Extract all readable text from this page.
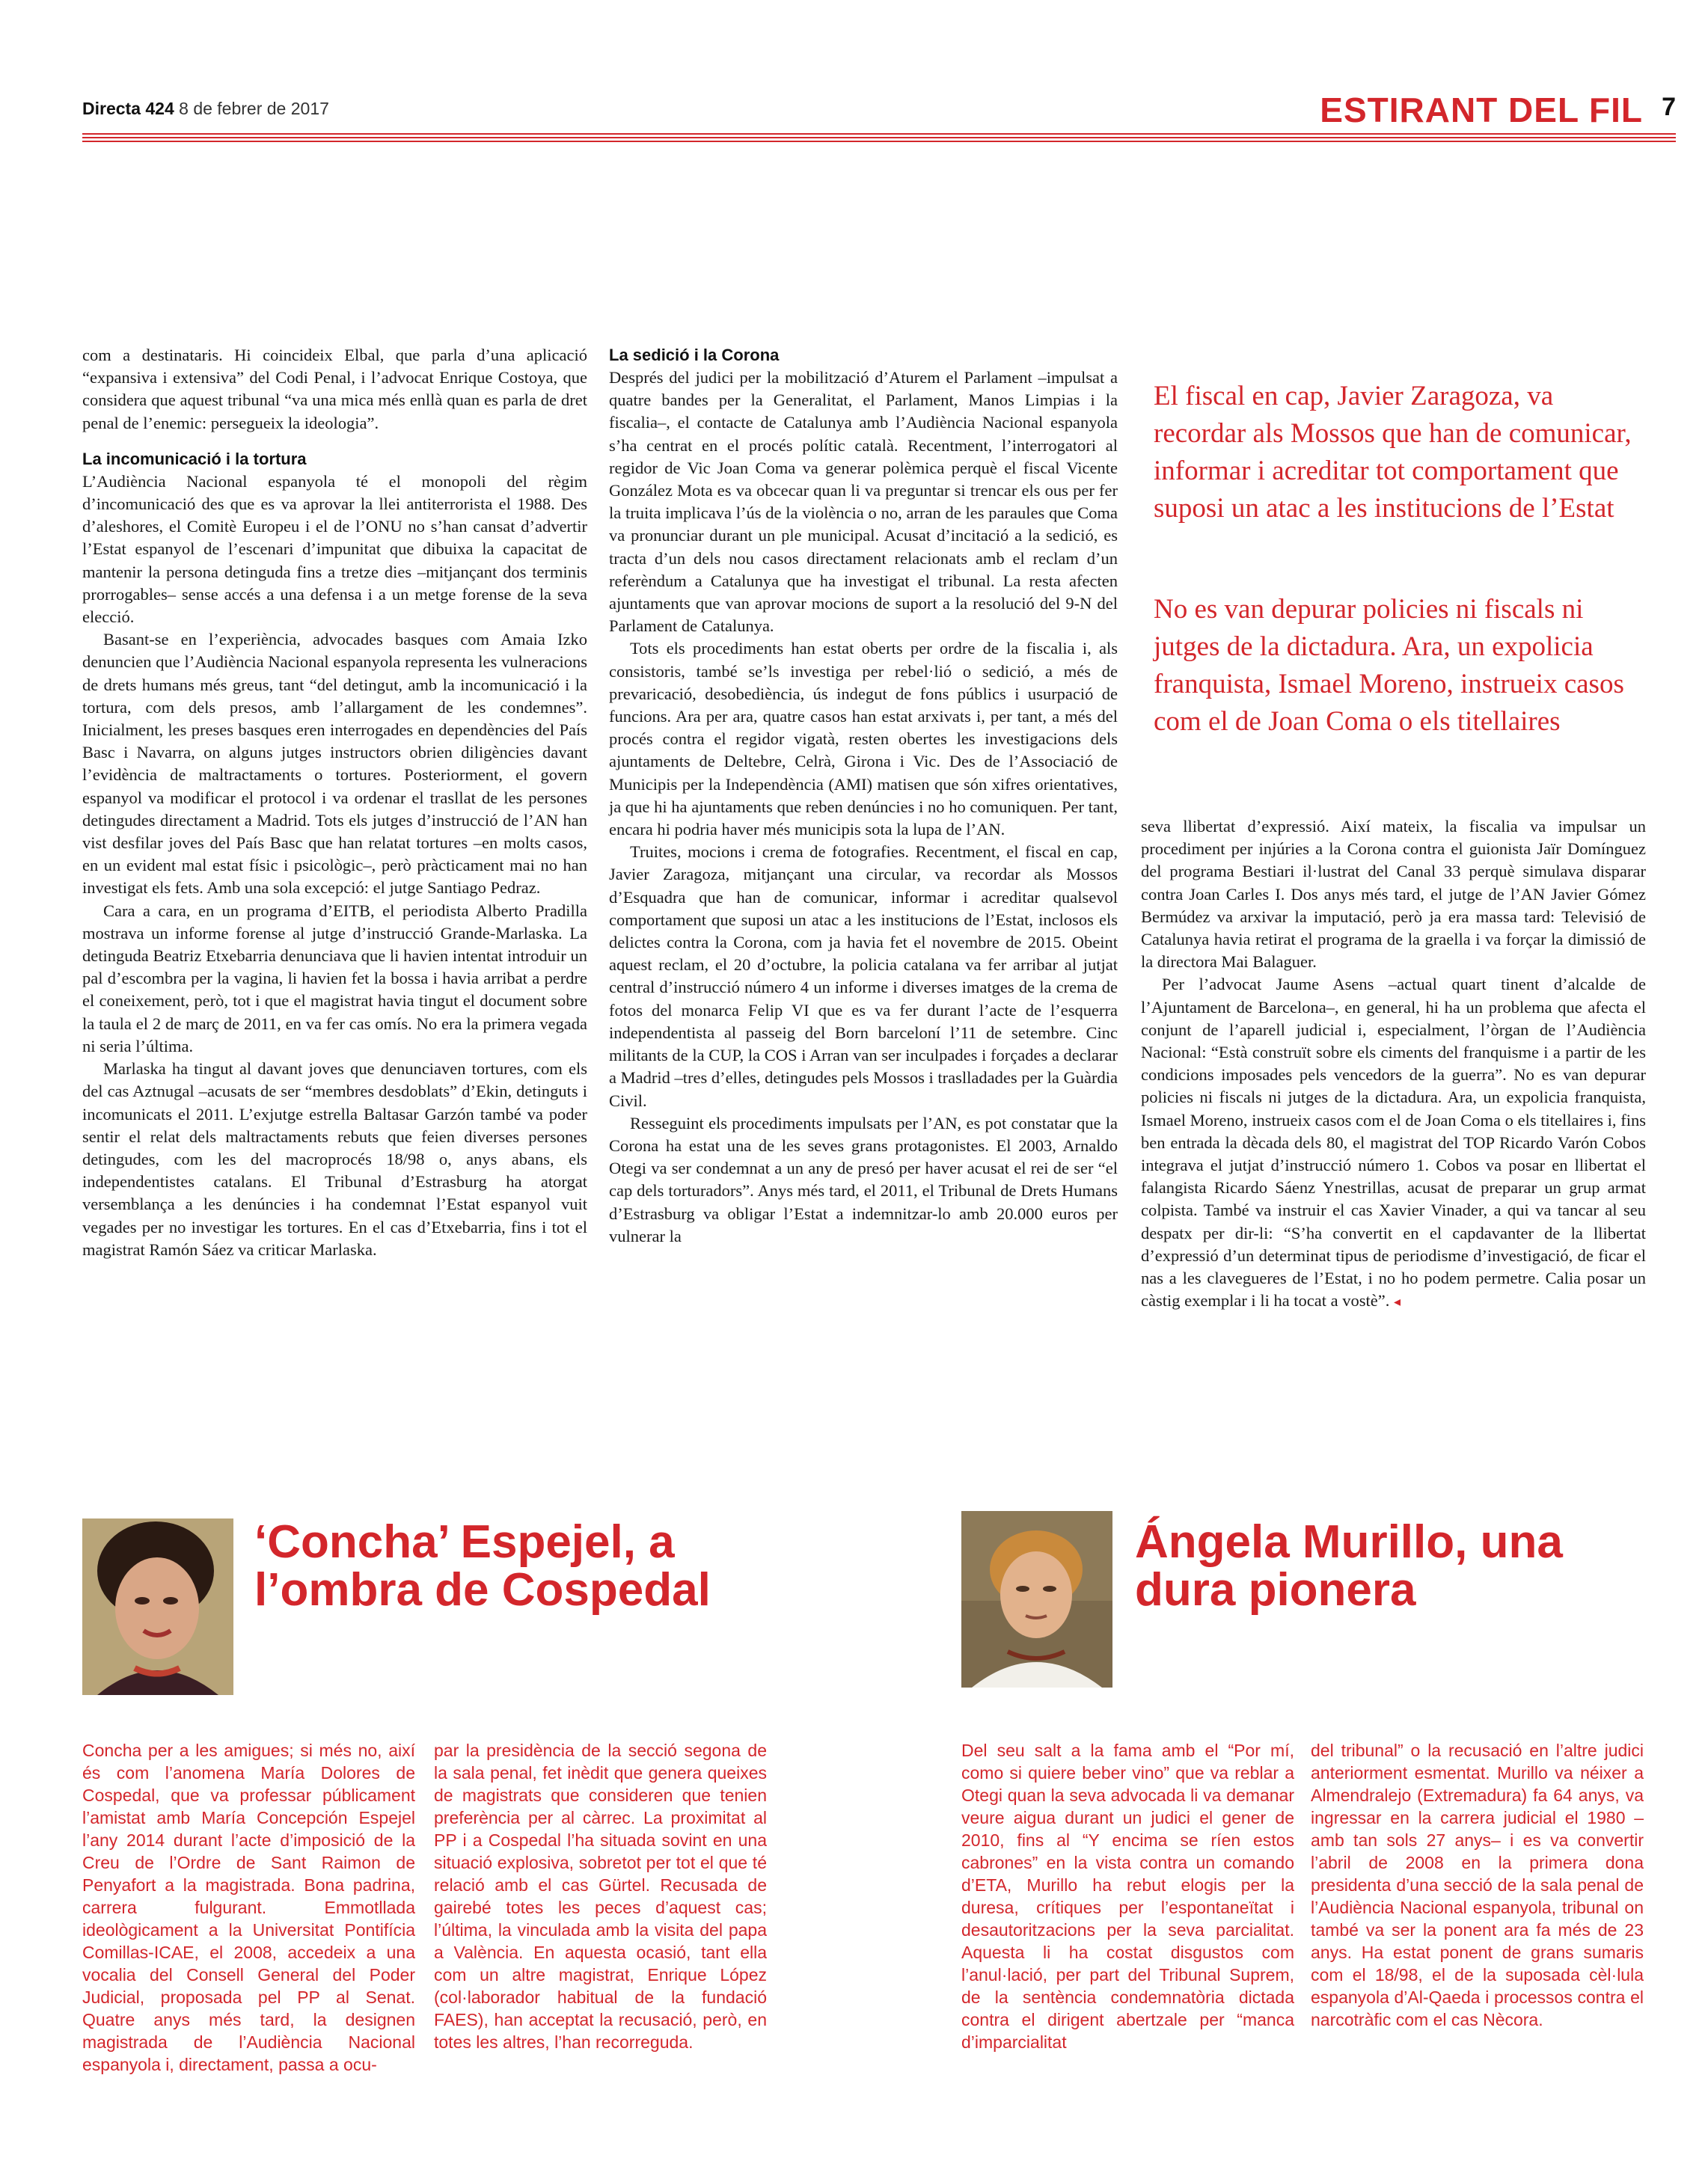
Directa 424 8 de febrer de 2017	ESTIRANT DEL FIL 7

com a destinataris. Hi coincideix Elbal, que parla d’una aplicació “expansiva i extensiva” del Codi Penal, i l’advocat Enrique Costoya, que considera que aquest tribunal “va una mica més enllà quan es parla de dret penal de l’enemic: persegueix la ideologia”.

La incomunicació i la tortura

L’Audiència Nacional espanyola té el monopoli del règim d’incomunicació des que es va aprovar la llei antiterrorista el 1988. Des d’aleshores, el Comitè Europeu i el de l’ONU no s’han cansat d’advertir l’Estat espanyol de l’escenari d’impunitat que dibuixa la capacitat de mantenir la persona detinguda fins a tretze dies –mitjançant dos terminis prorrogables– sense accés a una defensa i a un metge forense de la seva elecció.

Basant-se en l’experiència, advocades basques com Amaia Izko denuncien que l’Audiència Nacional espanyola representa les vulneracions de drets humans més greus, tant “del detingut, amb la incomunicació i la tortura, com dels presos, amb l’allargament de les condemnes”. Inicialment, les preses basques eren interrogades en dependències del País Basc i Navarra, on alguns jutges instructors obrien diligències davant l’evidència de maltractaments o tortures. Posteriorment, el govern espanyol va modificar el protocol i va ordenar el trasllat de les persones detingudes directament a Madrid. Tots els jutges d’instrucció de l’AN han vist desfilar joves del País Basc que han relatat tortures –en molts casos, en un evident mal estat físic i psicològic–, però pràcticament mai no han investigat els fets. Amb una sola excepció: el jutge Santiago Pedraz.

Cara a cara, en un programa d’EITB, el periodista Alberto Pradilla mostrava un informe forense al jutge d’instrucció Grande-Marlaska. La detinguda Beatriz Etxebarria denunciava que li havien intentat introduir un pal d’escombra per la vagina, li havien fet la bossa i havia arribat a perdre el coneixement, però, tot i que el magistrat havia tingut el document sobre la taula el 2 de març de 2011, en va fer cas omís. No era la primera vegada ni seria l’última.

Marlaska ha tingut al davant joves que denunciaven tortures, com els del cas Aztnugal –acusats de ser “membres desdoblats” d’Ekin, detinguts i incomunicats el 2011. L’exjutge estrella Baltasar Garzón també va poder sentir el relat dels maltractaments rebuts que feien diverses persones detingudes, com les del macroprocés 18/98 o, anys abans, els independentistes catalans. El Tribunal d’Estrasburg ha atorgat versemblança a les denúncies i ha condemnat l’Estat espanyol vuit vegades per no investigar les tortures. En el cas d’Etxebarria, fins i tot el magistrat Ramón Sáez va criticar Marlaska.

La sedició i la Corona

Després del judici per la mobilització d’Aturem el Parlament –impulsat a quatre bandes per la Generalitat, el Parlament, Manos Limpias i la fiscalia–, el contacte de Catalunya amb l’Audiència Nacional espanyola s’ha centrat en el procés polític català. Recentment, l’interrogatori al regidor de Vic Joan Coma va generar polèmica perquè el fiscal Vicente González Mota es va obcecar quan li va preguntar si trencar els ous per fer la truita implicava l’ús de la violència o no, arran de les paraules que Coma va pronunciar durant un ple municipal. Acusat d’incitació a la sedició, es tracta d’un dels nou casos directament relacionats amb el reclam d’un referèndum a Catalunya que ha investigat el tribunal. La resta afecten ajuntaments que van aprovar mocions de suport a la resolució del 9-N del Parlament de Catalunya.

Tots els procediments han estat oberts per ordre de la fiscalia i, als consistoris, també se’ls investiga per rebel·lió o sedició, a més de prevaricació, desobediència, ús indegut de fons públics i usurpació de funcions. Ara per ara, quatre casos han estat arxivats i, per tant, a més del procés contra el regidor vigatà, resten obertes les investigacions dels ajuntaments de Deltebre, Celrà, Girona i Vic. Des de l’Associació de Municipis per la Independència (AMI) matisen que són xifres orientatives, ja que hi ha ajuntaments que reben denúncies i no ho comuniquen. Per tant, encara hi podria haver més municipis sota la lupa de l’AN.

Truites, mocions i crema de fotografies. Recentment, el fiscal en cap, Javier Zaragoza, mitjançant una circular, va recordar als Mossos d’Esquadra que han de comunicar, informar i acreditar qualsevol comportament que suposi un atac a les institucions de l’Estat, inclosos els delictes contra la Corona, com ja havia fet el novembre de 2015. Obeint aquest reclam, el 20 d’octubre, la policia catalana va fer arribar al jutjat central d’instrucció número 4 un informe i diverses imatges de la crema de fotos del monarca Felip VI que es va fer durant l’acte de l’esquerra independentista al passeig del Born barceloní l’11 de setembre. Cinc militants de la CUP, la COS i Arran van ser inculpades i forçades a declarar a Madrid –tres d’elles, detingudes pels Mossos i traslladades per la Guàrdia Civil.

Resseguint els procediments impulsats per l’AN, es pot constatar que la Corona ha estat una de les seves grans protagonistes. El 2003, Arnaldo Otegi va ser condemnat a un any de presó per haver acusat el rei de ser “el cap dels torturadors”. Anys més tard, el 2011, el Tribunal de Drets Humans d’Estrasburg va obligar l’Estat a indemnitzar-lo amb 20.000 euros per vulnerar la

El fiscal en cap, Javier Zaragoza, va recordar als Mossos que han de comunicar, informar i acreditar tot comportament que suposi un atac a les institucions de l’Estat
No es van depurar policies ni fiscals ni jutges de la dictadura. Ara, un expolicia franquista, Ismael Moreno, instrueix casos com el de Joan Coma o els titellaires

seva llibertat d’expressió. Així mateix, la fiscalia va impulsar un procediment per injúries a la Corona contra el guionista Jaïr Domínguez del programa Bestiari il·lustrat del Canal 33 perquè simulava disparar contra Joan Carles I. Dos anys més tard, el jutge de l’AN Javier Gómez Bermúdez va arxivar la imputació, però ja era massa tard: Televisió de Catalunya havia retirat el programa de la graella i va forçar la dimissió de la directora Mai Balaguer.

Per l’advocat Jaume Asens –actual quart tinent d’alcalde de l’Ajuntament de Barcelona–, en general, hi ha un problema que afecta el conjunt de l’aparell judicial i, especialment, l’òrgan de l’Audiència Nacional: “Està construït sobre els ciments del franquisme i a partir de les condicions imposades pels vencedors de la guerra”. No es van depurar policies ni fiscals ni jutges de la dictadura. Ara, un expolicia franquista, Ismael Moreno, instrueix casos com el de Joan Coma o els titellaires i, fins ben entrada la dècada dels 80, el magistrat del TOP Ricardo Varón Cobos integrava el jutjat d’instrucció número 1. Cobos va posar en llibertat el falangista Ricardo Sáenz Ynestrillas, acusat de preparar un grup armat colpista. També va instruir el cas Xavier Vinader, a qui va tancar al seu despatx per dir-li: “S’ha convertit en el capdavanter de la llibertat d’expressió d’un determinat tipus de periodisme d’investigació, de ficar el nas a les clavegueres de l’Estat, i no ho podem permetre. Calia posar un càstig exemplar i li ha tocat a vostè”. ◂

‘Concha’ Espejel, a l’ombra de Cospedal

Concha per a les amigues; si més no, així és com l’anomena María Dolores de Cospedal, que va professar públicament l’amistat amb María Concepción Espejel l’any 2014 durant l’acte d’imposició de la Creu de l’Ordre de Sant Raimon de Penyafort a la magistrada. Bona padrina, carrera fulgurant. Emmotllada ideològicament a la Universitat Pontifícia Comillas-ICAE, el 2008, accedeix a una vocalia del Consell General del Poder Judicial, proposada pel PP al Senat. Quatre anys més tard, la designen magistrada de l’Audiència Nacional espanyola i, directament, passa a ocu-

par la presidència de la secció segona de la sala penal, fet inèdit que genera queixes de magistrats que consideren que tenien preferència per al càrrec. La proximitat al PP i a Cospedal l’ha situada sovint en una situació explosiva, sobretot per tot el que té relació amb el cas Gürtel. Recusada de gairebé totes les peces d’aquest cas; l’última, la vinculada amb la visita del papa a València. En aquesta ocasió, tant ella com un altre magistrat, Enrique López (col·laborador habitual de la fundació FAES), han acceptat la recusació, però, en totes les altres, l’han recorreguda.

Ángela Murillo, una dura pionera

Del seu salt a la fama amb el “Por mí, como si quiere beber vino” que va reblar a Otegi quan la seva advocada li va demanar veure aigua durant un judici el gener de 2010, fins al “Y encima se ríen estos cabrones” en la vista contra un comando d’ETA, Murillo ha rebut elogis per la duresa, crítiques per l’espontaneïtat i desautoritzacions per la seva parcialitat. Aquesta li ha costat disgustos com l’anul·lació, per part del Tribunal Suprem, de la sentència condemnatòria dictada contra el dirigent abertzale per “manca d’imparcialitat

del tribunal” o la recusació en l’altre judici anteriorment esmentat. Murillo va néixer a Almendralejo (Extremadura) fa 64 anys, va ingressar en la carrera judicial el 1980 –amb tan sols 27 anys– i es va convertir l’abril de 2008 en la primera dona presidenta d’una secció de la sala penal de l’Audiència Nacional espanyola, tribunal on també va ser la ponent ara fa més de 23 anys. Ha estat ponent de grans sumaris com el 18/98, el de la suposada cèl·lula espanyola d’Al-Qaeda i processos contra el narcotràfic com el cas Nècora.
